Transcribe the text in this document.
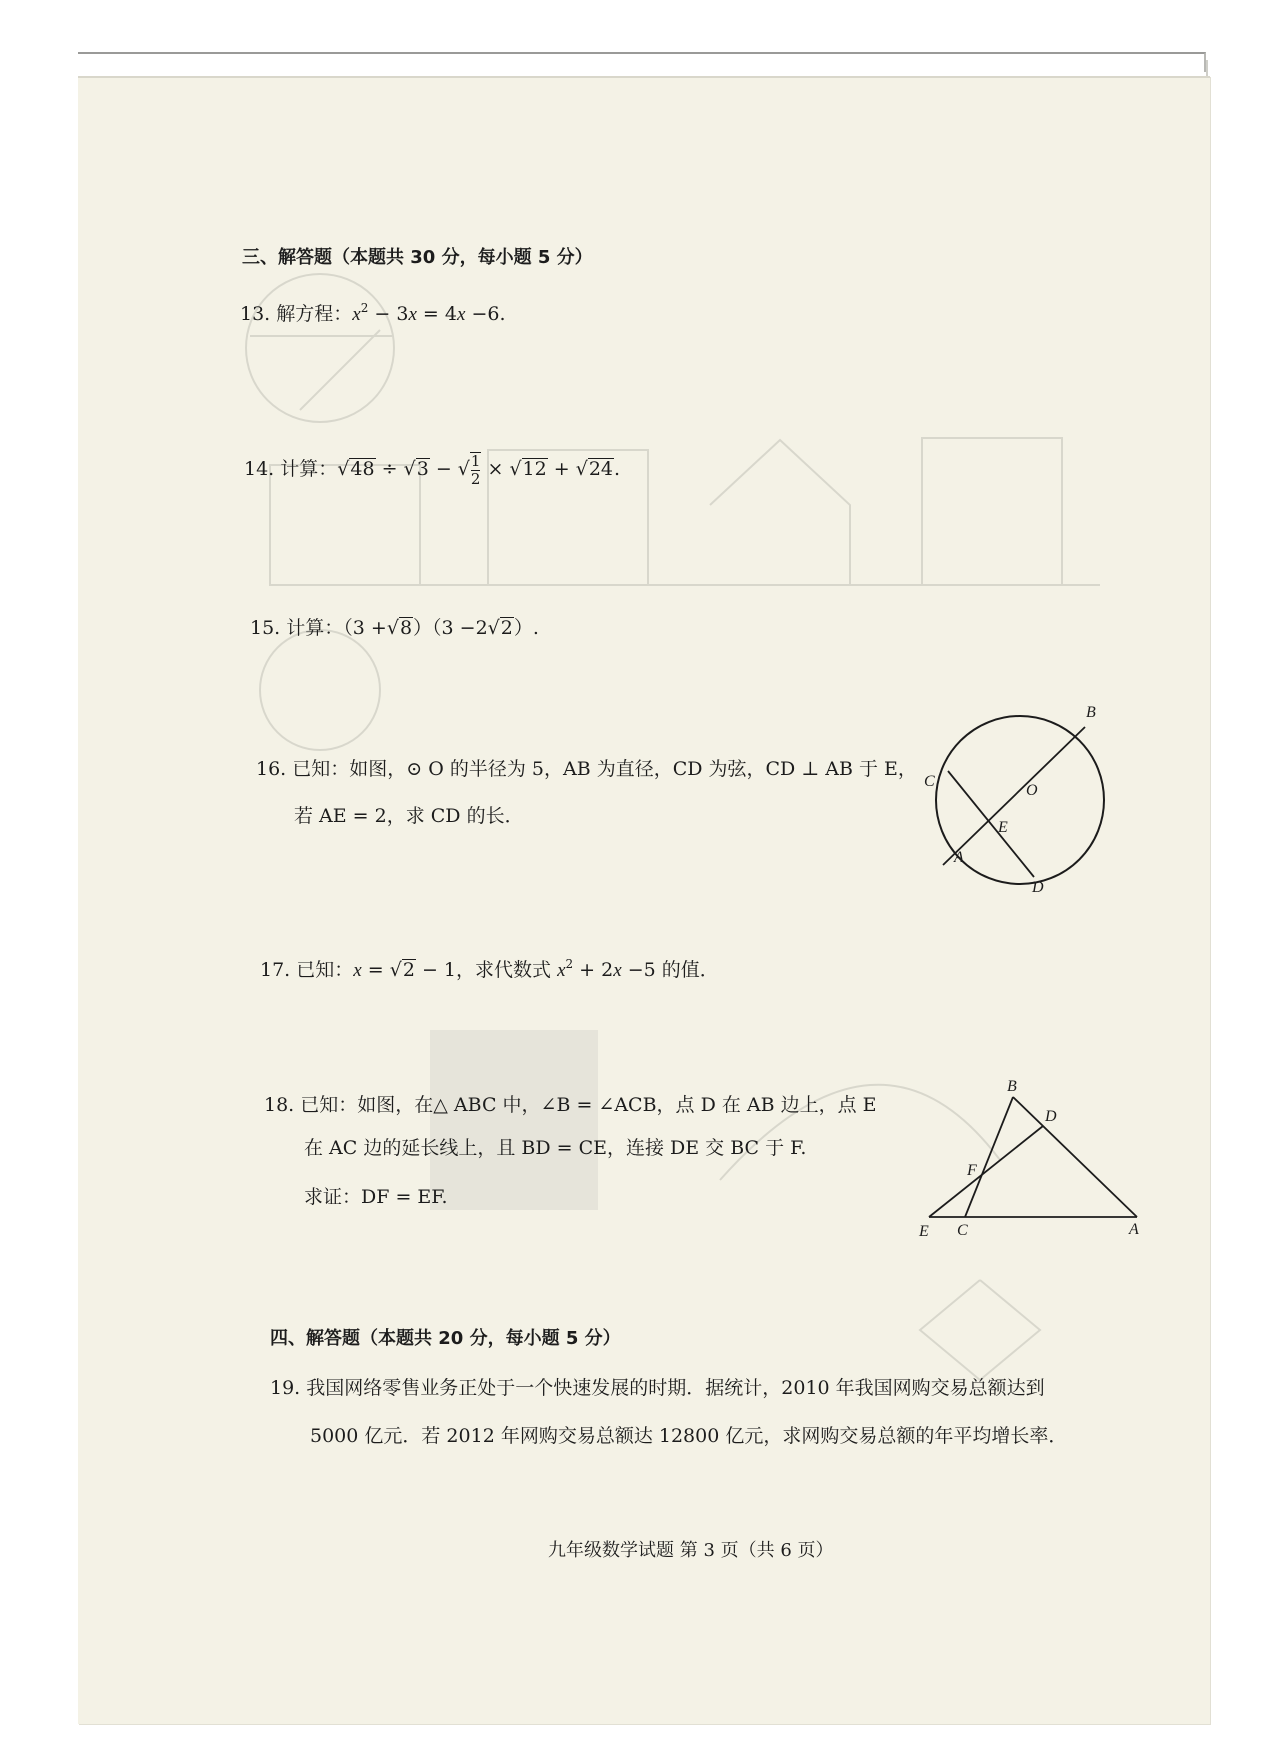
三、解答题（本题共 30 分，每小题 5 分）
13. 解方程：$x^2 - 3x = 4x -6$.
14. 计算：√48 ÷ √3 − √ $\frac{1}{2} \times √12 + √24$.
15. 计算：（3 +√8）（3 −2√2）.
16. 已知：如图，⊙ O 的半径为 5，AB 为直径，CD 为弦，CD ⊥ AB 于 E，
若 AE = 2，求 CD 的长．
B
C
O
E
A
D
17. 已知：x = √2 − 1，求代数式 $x^2 + 2x -5$ 的值．
18. 已知：如图，在△ ABC 中，∠B = ∠ACB，点 D 在 AB 边上，点 E
在 AC 边的延长线上，且 BD = CE，连接 DE 交 BC 于 F.
求证：DF = EF.
B
D
F
E C	A
四、解答题（本题共 20 分，每小题 5 分）
19. 我国网络零售业务正处于一个快速发展的时期．据统计，2010 年我国网购交易总额达到
5000 亿元．若 2012 年网购交易总额达 12800 亿元，求网购交易总额的年平均增长率．
九年级数学试题 第 3 页（共 6 页）
